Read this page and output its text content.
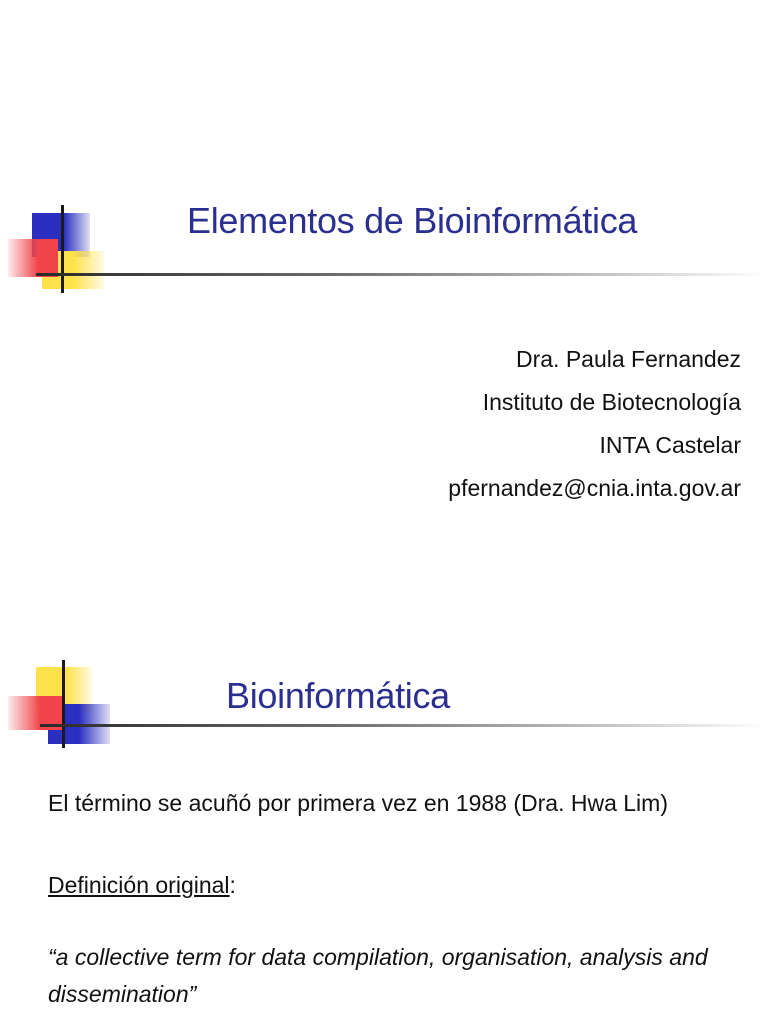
Elementos de Bioinformática
Dra. Paula Fernandez
Instituto de Biotecnología
INTA Castelar
pfernandez@cnia.inta.gov.ar
Bioinformática
El término se acuñó por primera vez en 1988 (Dra. Hwa Lim)
Definición original:
“a collective term for data compilation, organisation, analysis and dissemination”
